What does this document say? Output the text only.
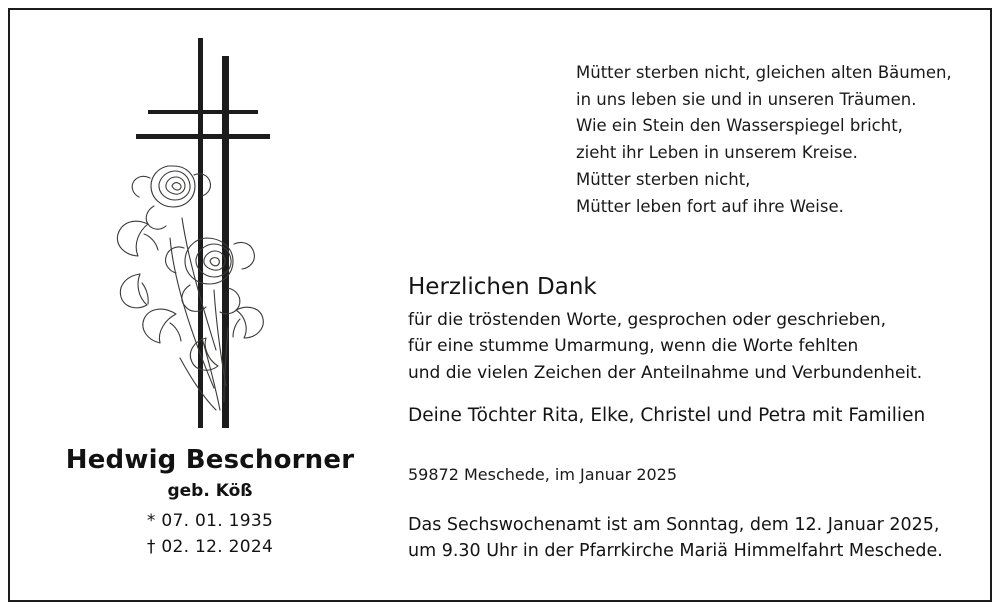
Hedwig Beschorner
geb. Köß
* 07. 01. 1935
† 02. 12. 2024
Mütter sterben nicht, gleichen alten Bäumen,
in uns leben sie und in unseren Träumen.
Wie ein Stein den Wasserspiegel bricht,
zieht ihr Leben in unserem Kreise.
Mütter sterben nicht,
Mütter leben fort auf ihre Weise.
Herzlichen Dank
für die tröstenden Worte, gesprochen oder geschrieben,
für eine stumme Umarmung, wenn die Worte fehlten
und die vielen Zeichen der Anteilnahme und Verbundenheit.
Deine Töchter Rita, Elke, Christel und Petra mit Familien
59872 Meschede, im Januar 2025
Das Sechswochenamt ist am Sonntag, dem 12. Januar 2025,
um 9.30 Uhr in der Pfarrkirche Mariä Himmelfahrt Meschede.
